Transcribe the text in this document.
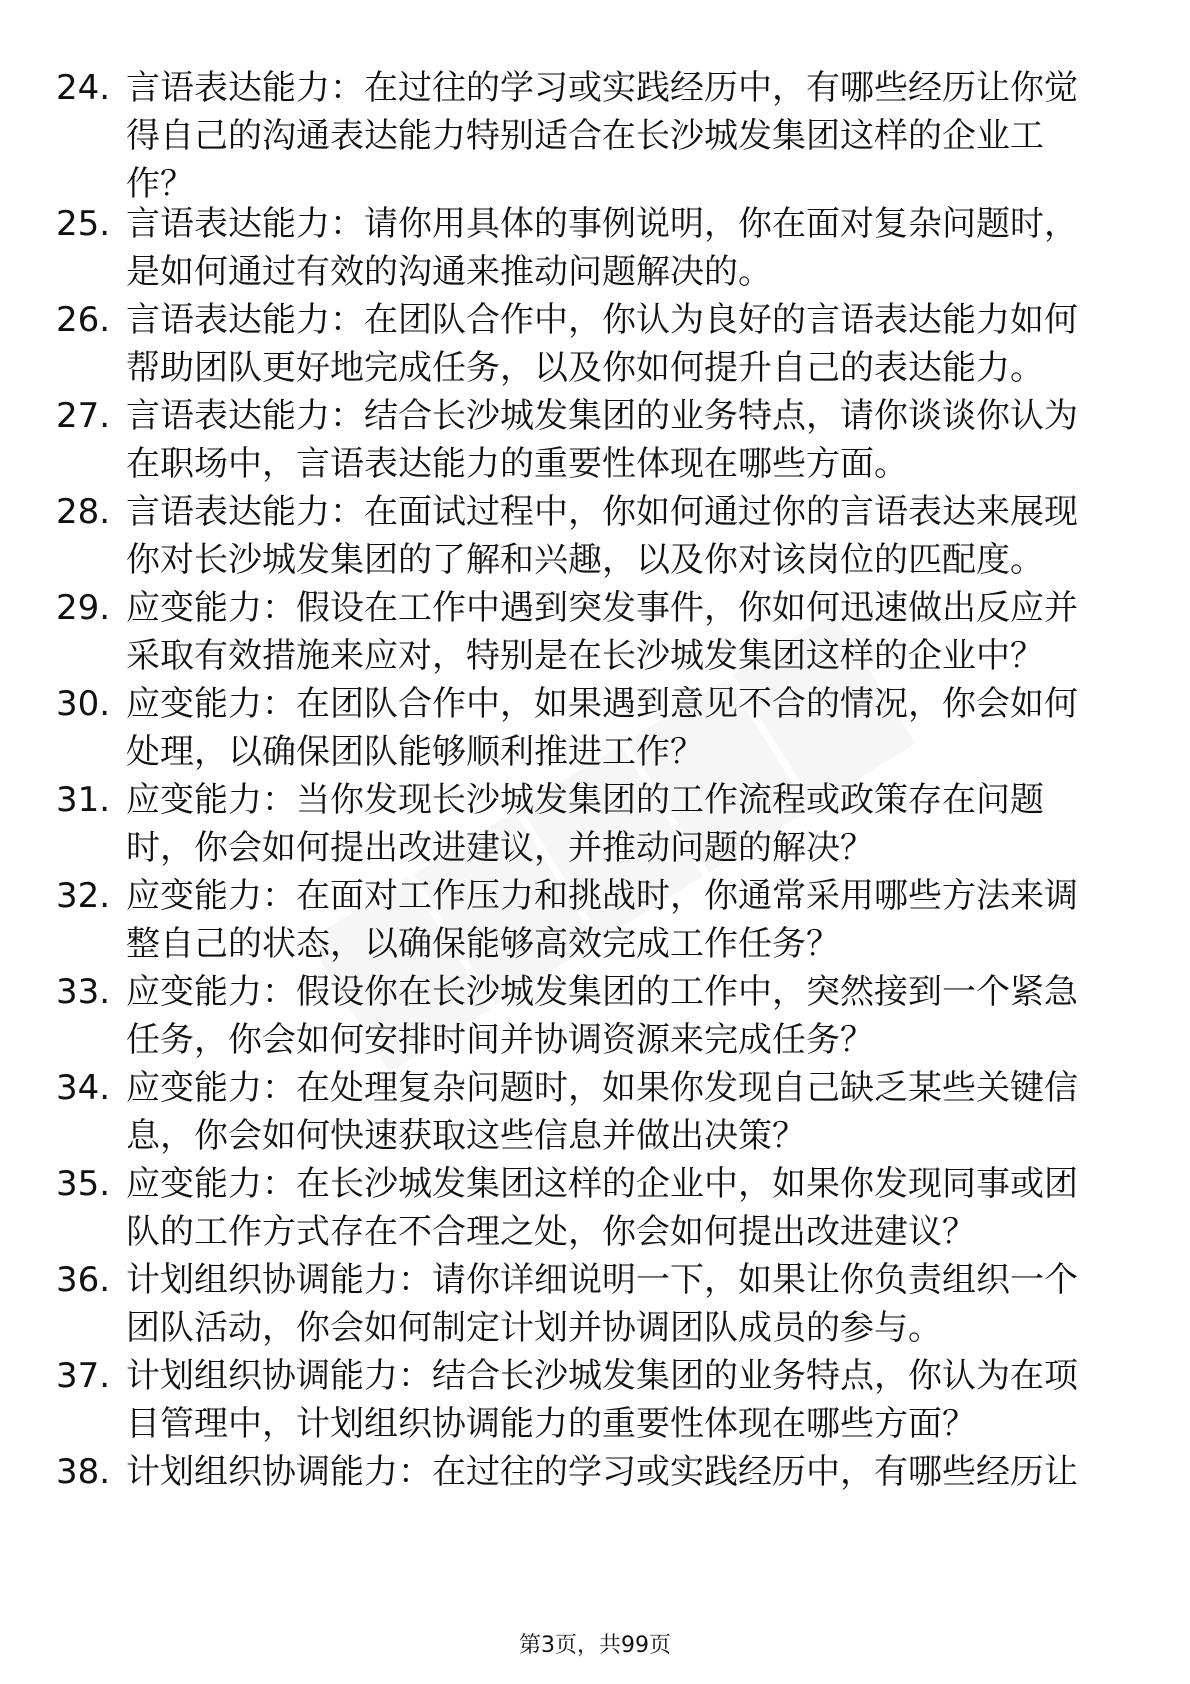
24. 言语表达能力：在过往的学习或实践经历中，有哪些经历让你觉
得自己的沟通表达能力特别适合在长沙城发集团这样的企业工
作？
25. 言语表达能力：请你用具体的事例说明，你在面对复杂问题时，
是如何通过有效的沟通来推动问题解决的。
26. 言语表达能力：在团队合作中，你认为良好的言语表达能力如何
帮助团队更好地完成任务，以及你如何提升自己的表达能力。
27. 言语表达能力：结合长沙城发集团的业务特点，请你谈谈你认为
在职场中，言语表达能力的重要性体现在哪些方面。
28. 言语表达能力：在面试过程中，你如何通过你的言语表达来展现
你对长沙城发集团的了解和兴趣，以及你对该岗位的匹配度。
29. 应变能力：假设在工作中遇到突发事件，你如何迅速做出反应并
采取有效措施来应对，特别是在长沙城发集团这样的企业中？
30. 应变能力：在团队合作中，如果遇到意见不合的情况，你会如何
处理，以确保团队能够顺利推进工作？
31. 应变能力：当你发现长沙城发集团的工作流程或政策存在问题
时，你会如何提出改进建议，并推动问题的解决？
32. 应变能力：在面对工作压力和挑战时，你通常采用哪些方法来调
整自己的状态，以确保能够高效完成工作任务？
33. 应变能力：假设你在长沙城发集团的工作中，突然接到一个紧急
任务，你会如何安排时间并协调资源来完成任务？
34. 应变能力：在处理复杂问题时，如果你发现自己缺乏某些关键信
息，你会如何快速获取这些信息并做出决策？
35. 应变能力：在长沙城发集团这样的企业中，如果你发现同事或团
队的工作方式存在不合理之处，你会如何提出改进建议？
36. 计划组织协调能力：请你详细说明一下，如果让你负责组织一个
团队活动，你会如何制定计划并协调团队成员的参与。
37. 计划组织协调能力：结合长沙城发集团的业务特点，你认为在项
目管理中，计划组织协调能力的重要性体现在哪些方面？
38. 计划组织协调能力：在过往的学习或实践经历中，有哪些经历让
第3页，共99页
